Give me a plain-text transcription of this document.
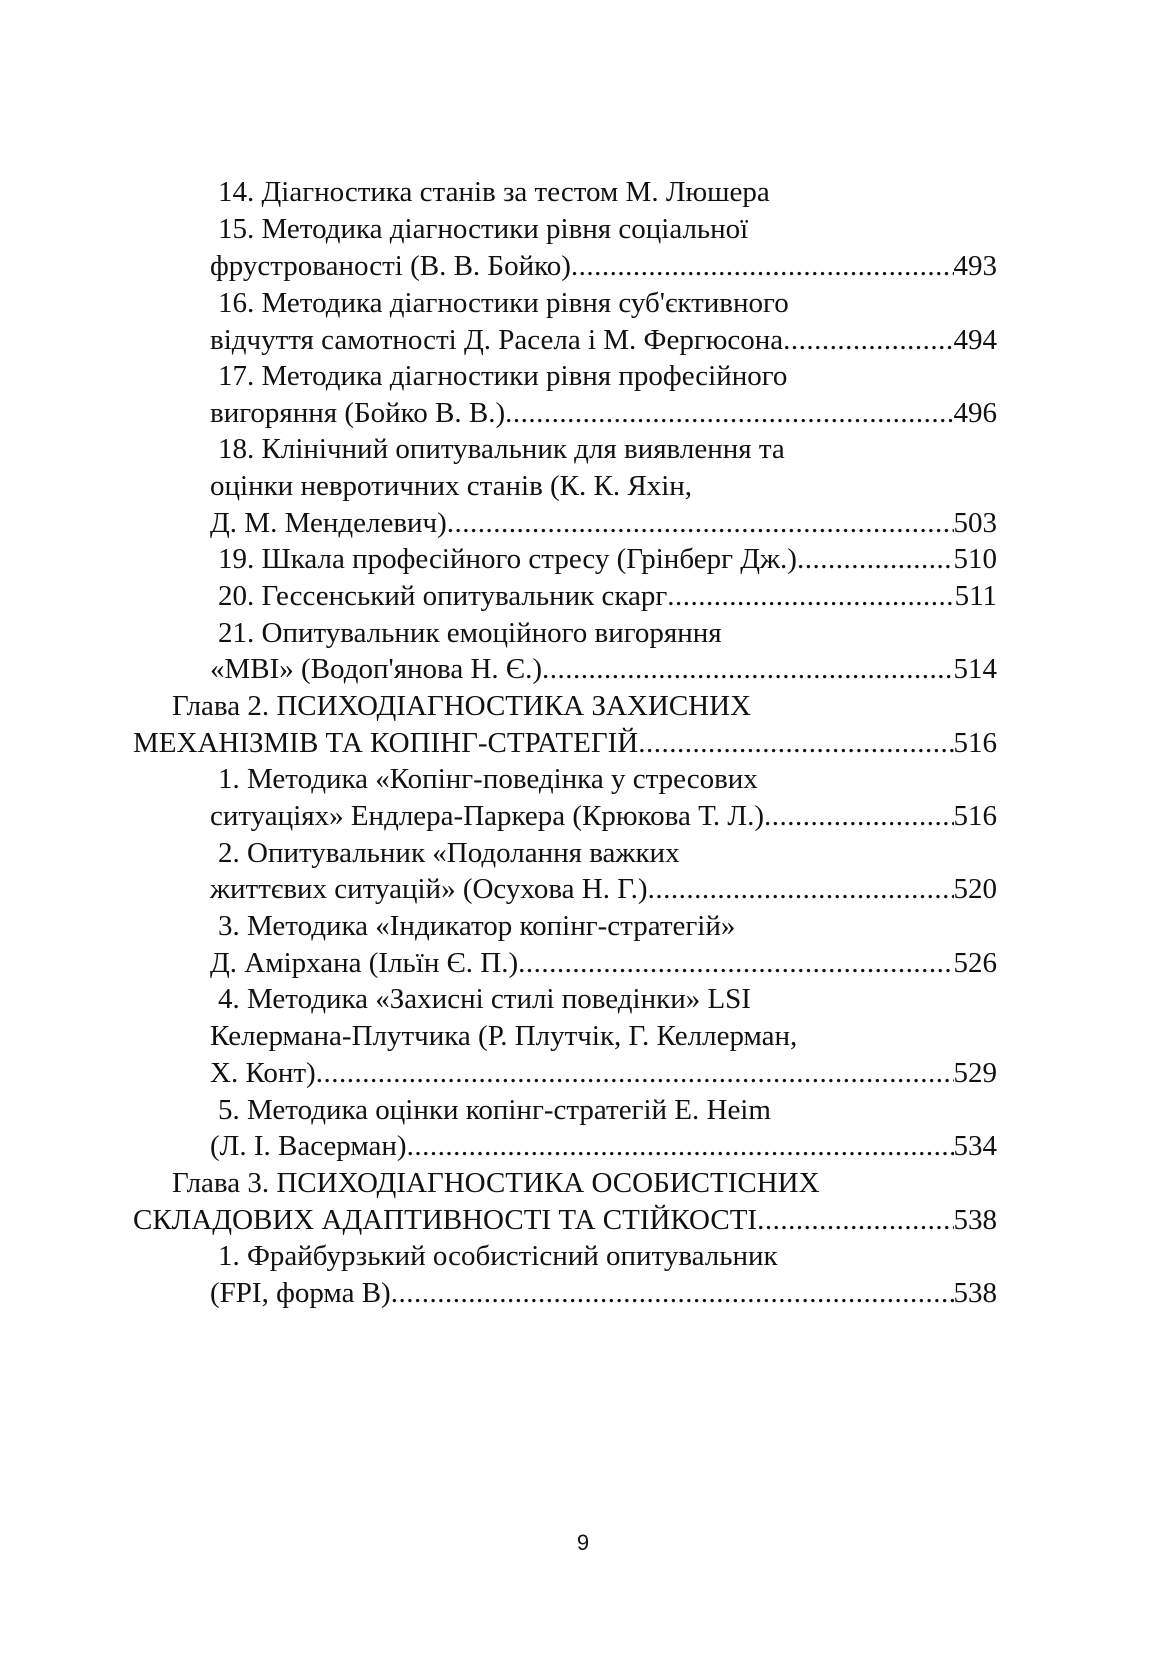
14. Діагностика станів за тестом М. Люшера
15. Методика діагностики рівня соціальної
фрустрованості (В. В. Бойко) .....	493
16. Методика діагностики рівня суб'єктивного
відчуття самотності Д. Расела і М. Фергюсона .....	494
17. Методика діагностики рівня професійного
вигоряння (Бойко В. В.) .....	496
18. Клінічний опитувальник для виявлення та
оцінки невротичних станів (К. К. Яхін,
Д. М. Менделевич) .....	503
19. Шкала професійного стресу (Грінберг Дж.) .....	510
20. Гессенський опитувальник скарг .....	511
21. Опитувальник емоційного вигоряння
«MBI» (Водоп'янова Н. Є.) .....	514
Глава 2. ПСИХОДІАГНОСТИКА ЗАХИСНИХ
МЕХАНІЗМІВ ТА КОПІНГ-СТРАТЕГІЙ .....	516
1. Методика «Копінг-поведінка у стресових
ситуаціях» Ендлера-Паркера (Крюкова Т. Л.) .....	516
2. Опитувальник «Подолання важких
життєвих ситуацій» (Осухова Н. Г.) .....	520
3. Методика «Індикатор копінг-стратегій»
Д. Амірхана (Ільїн Є. П.) .....	526
4. Методика «Захисні стилі поведінки» LSI
Келермана-Плутчика (Р. Плутчік, Г. Келлерман,
Х. Конт) .....	529
5. Методика оцінки копінг-стратегій Е. Heim
(Л. І. Васерман) .....	534
Глава 3. ПСИХОДІАГНОСТИКА ОСОБИСТІСНИХ
СКЛАДОВИХ АДАПТИВНОСТІ ТА СТІЙКОСТІ .....	538
1. Фрайбурзький особистісний опитувальник
(FPI, форма B) .....	538
9
